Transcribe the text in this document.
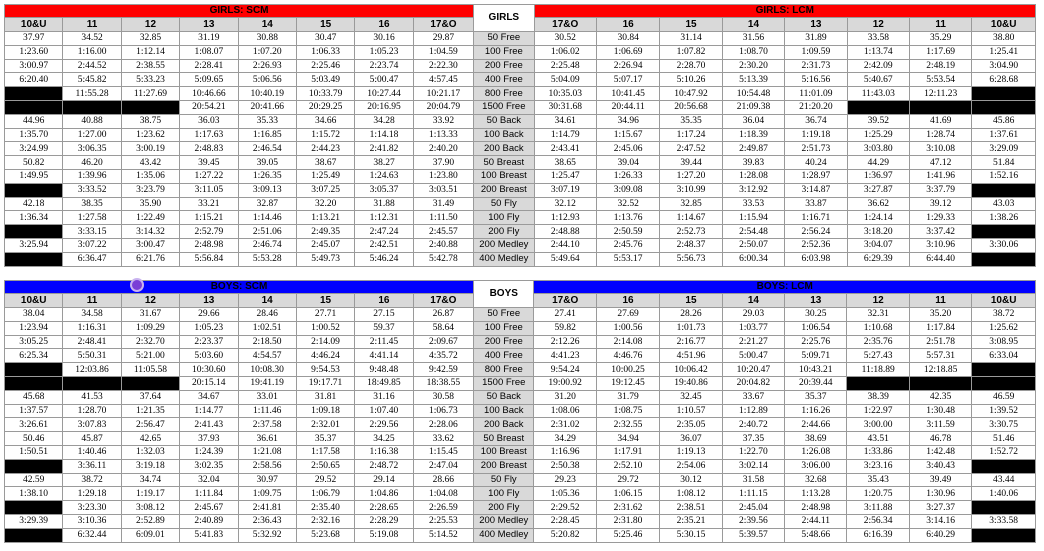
GIRLS: SCM								GIRLS	GIRLS: LCM							
10&U	11	12	13	14	15	16	17&O		17&O	16	15	14	13	12	11	10&U
37.97	34.52	32.85	31.19	30.88	30.47	30.16	29.87	50 Free	30.52	30.84	31.14	31.56	31.89	33.58	35.29	38.80
1:23.60	1:16.00	1:12.14	1:08.07	1:07.20	1:06.33	1:05.23	1:04.59	100 Free	1:06.02	1:06.69	1:07.82	1:08.70	1:09.59	1:13.74	1:17.69	1:25.41
3:00.97	2:44.52	2:38.55	2:28.41	2:26.93	2:25.46	2:23.74	2:22.30	200 Free	2:25.48	2:26.94	2:28.70	2:30.20	2:31.73	2:42.09	2:48.19	3:04.90
6:20.40	5:45.82	5:33.23	5:09.65	5:06.56	5:03.49	5:00.47	4:57.45	400 Free	5:04.09	5:07.17	5:10.26	5:13.39	5:16.56	5:40.67	5:53.54	6:28.68
	11:55.28	11:27.69	10:46.66	10:40.19	10:33.79	10:27.44	10:21.17	800 Free	10:35.03	10:41.45	10:47.92	10:54.48	11:01.09	11:43.03	12:11.23	
			20:54.21	20:41.66	20:29.25	20:16.95	20:04.79	1500 Free	30:31.68	20:44.11	20:56.68	21:09.38	21:20.20			
44.96	40.88	38.75	36.03	35.33	34.66	34.28	33.92	50 Back	34.61	34.96	35.35	36.04	36.74	39.52	41.69	45.86
1:35.70	1:27.00	1:23.62	1:17.63	1:16.85	1:15.72	1:14.18	1:13.33	100 Back	1:14.79	1:15.67	1:17.24	1:18.39	1:19.18	1:25.29	1:28.74	1:37.61
3:24.99	3:06.35	3:00.19	2:48.83	2:46.54	2:44.23	2:41.82	2:40.20	200 Back	2:43.41	2:45.06	2:47.52	2:49.87	2:51.73	3:03.80	3:10.08	3:29.09
50.82	46.20	43.42	39.45	39.05	38.67	38.27	37.90	50 Breast	38.65	39.04	39.44	39.83	40.24	44.29	47.12	51.84
1:49.95	1:39.96	1:35.06	1:27.22	1:26.35	1:25.49	1:24.63	1:23.80	100 Breast	1:25.47	1:26.33	1:27.20	1:28.08	1:28.97	1:36.97	1:41.96	1:52.16
	3:33.52	3:23.79	3:11.05	3:09.13	3:07.25	3:05.37	3:03.51	200 Breast	3:07.19	3:09.08	3:10.99	3:12.92	3:14.87	3:27.87	3:37.79	
42.18	38.35	35.90	33.21	32.87	32.20	31.88	31.49	50 Fly	32.12	32.52	32.85	33.53	33.87	36.62	39.12	43.03
1:36.34	1:27.58	1:22.49	1:15.21	1:14.46	1:13.21	1:12.31	1:11.50	100 Fly	1:12.93	1:13.76	1:14.67	1:15.94	1:16.71	1:24.14	1:29.33	1:38.26
	3:33.15	3:14.32	2:52.79	2:51.06	2:49.35	2:47.24	2:45.57	200 Fly	2:48.88	2:50.59	2:52.73	2:54.48	2:56.24	3:18.20	3:37.42	
3:25.94	3:07.22	3:00.47	2:48.98	2:46.74	2:45.07	2:42.51	2:40.88	200 Medley	2:44.10	2:45.76	2:48.37	2:50.07	2:52.36	3:04.07	3:10.96	3:30.06
	6:36.47	6:21.76	5:56.84	5:53.28	5:49.73	5:46.24	5:42.78	400 Medley	5:49.64	5:53.17	5:56.73	6:00.34	6:03.98	6:29.39	6:44.40	
BOYS: SCM								BOYS	BOYS: LCM							
10&U	11	12	13	14	15	16	17&O		17&O	16	15	14	13	12	11	10&U
38.04	34.58	31.67	29.66	28.46	27.71	27.15	26.87	50 Free	27.41	27.69	28.26	29.03	30.25	32.31	35.20	38.72
1:23.94	1:16.31	1:09.29	1:05.23	1:02.51	1:00.52	59.37	58.64	100 Free	59.82	1:00.56	1:01.73	1:03.77	1:06.54	1:10.68	1:17.84	1:25.62
3:05.25	2:48.41	2:32.70	2:23.37	2:18.50	2:14.09	2:11.45	2:09.67	200 Free	2:12.26	2:14.08	2:16.77	2:21.27	2:25.76	2:35.76	2:51.78	3:08.95
6:25.34	5:50.31	5:21.00	5:03.60	4:54.57	4:46.24	4:41.14	4:35.72	400 Free	4:41.23	4:46.76	4:51.96	5:00.47	5:09.71	5:27.43	5:57.31	6:33.04
	12:03.86	11:05.58	10:30.60	10:08.30	9:54.53	9:48.48	9:42.59	800 Free	9:54.24	10:00.25	10:06.42	10:20.47	10:43.21	11:18.89	12:18.85	
			20:15.14	19:41.19	19:17.71	18:49.85	18:38.55	1500 Free	19:00.92	19:12.45	19:40.86	20:04.82	20:39.44			
45.68	41.53	37.64	34.67	33.01	31.81	31.16	30.58	50 Back	31.20	31.79	32.45	33.67	35.37	38.39	42.35	46.59
1:37.57	1:28.70	1:21.35	1:14.77	1:11.46	1:09.18	1:07.40	1:06.73	100 Back	1:08.06	1:08.75	1:10.57	1:12.89	1:16.26	1:22.97	1:30.48	1:39.52
3:26.61	3:07.83	2:56.47	2:41.43	2:37.58	2:32.01	2:29.56	2:28.06	200 Back	2:31.02	2:32.55	2:35.05	2:40.72	2:44.66	3:00.00	3:11.59	3:30.75
50.46	45.87	42.65	37.93	36.61	35.37	34.25	33.62	50 Breast	34.29	34.94	36.07	37.35	38.69	43.51	46.78	51.46
1:50.51	1:40.46	1:32.03	1:24.39	1:21.08	1:17.58	1:16.38	1:15.45	100 Breast	1:16.96	1:17.91	1:19.13	1:22.70	1:26.08	1:33.86	1:42.48	1:52.72
	3:36.11	3:19.18	3:02.35	2:58.56	2:50.65	2:48.72	2:47.04	200 Breast	2:50.38	2:52.10	2:54.06	3:02.14	3:06.00	3:23.16	3:40.43	
42.59	38.72	34.74	32.04	30.97	29.52	29.14	28.66	50 Fly	29.23	29.72	30.12	31.58	32.68	35.43	39.49	43.44
1:38.10	1:29.18	1:19.17	1:11.84	1:09.75	1:06.79	1:04.86	1:04.08	100 Fly	1:05.36	1:06.15	1:08.12	1:11.15	1:13.28	1:20.75	1:30.96	1:40.06
	3:23.30	3:08.12	2:45.67	2:41.81	2:35.40	2:28.65	2:26.59	200 Fly	2:29.52	2:31.62	2:38.51	2:45.04	2:48.98	3:11.88	3:27.37	
3:29.39	3:10.36	2:52.89	2:40.89	2:36.43	2:32.16	2:28.29	2:25.53	200 Medley	2:28.45	2:31.80	2:35.21	2:39.56	2:44.11	2:56.34	3:14.16	3:33.58
	6:32.44	6:09.01	5:41.83	5:32.92	5:23.68	5:19.08	5:14.52	400 Medley	5:20.82	5:25.46	5:30.15	5:39.57	5:48.66	6:16.39	6:40.29	
